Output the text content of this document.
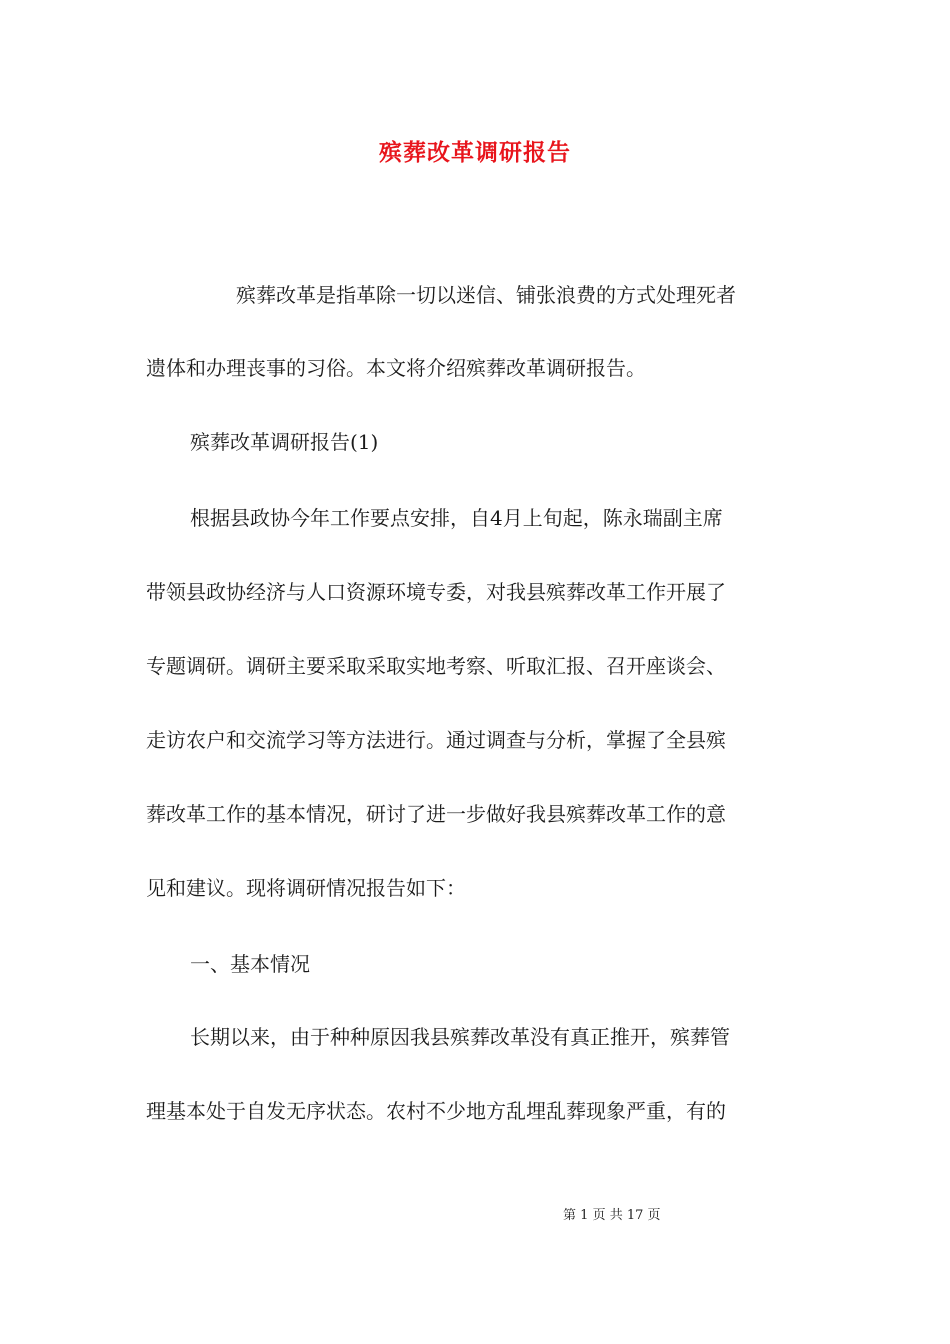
殡葬改革调研报告
殡葬改革是指革除一切以迷信、铺张浪费的方式处理死者
遗体和办理丧事的习俗。本文将介绍殡葬改革调研报告。
殡葬改革调研报告(1)
根据县政协今年工作要点安排，自4月上旬起，陈永瑞副主席
带领县政协经济与人口资源环境专委，对我县殡葬改革工作开展了
专题调研。调研主要采取采取实地考察、听取汇报、召开座谈会、
走访农户和交流学习等方法进行。通过调查与分析，掌握了全县殡
葬改革工作的基本情况，研讨了进一步做好我县殡葬改革工作的意
见和建议。现将调研情况报告如下：
一、基本情况
长期以来，由于种种原因我县殡葬改革没有真正推开，殡葬管
理基本处于自发无序状态。农村不少地方乱埋乱葬现象严重，有的
第 1 页 共 17 页
